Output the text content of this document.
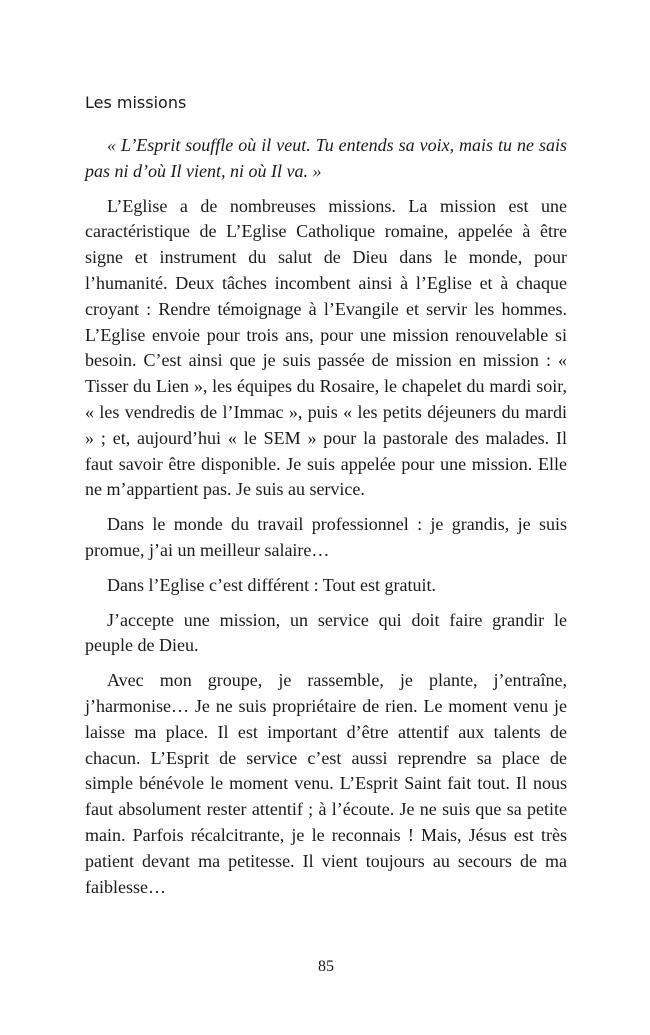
Les missions

« L’Esprit souffle où il veut. Tu entends sa voix, mais tu ne sais pas ni d’où Il vient, ni où Il va. »

L’Eglise a de nombreuses missions. La mission est une caractéristique de L’Eglise Catholique romaine, appelée à être signe et instrument du salut de Dieu dans le monde, pour l’humanité. Deux tâches incombent ainsi à l’Eglise et à chaque croyant : Rendre témoignage à l’Evangile et servir les hommes. L’Eglise envoie pour trois ans, pour une mission renouvelable si besoin. C’est ainsi que je suis passée de mission en mission : « Tisser du Lien », les équipes du Rosaire, le chapelet du mardi soir, « les vendredis de l’Immac », puis « les petits déjeuners du mardi » ; et, aujourd’hui « le SEM » pour la pastorale des malades. Il faut savoir être disponible. Je suis appelée pour une mission. Elle ne m’appartient pas. Je suis au service.

Dans le monde du travail professionnel : je grandis, je suis promue, j’ai un meilleur salaire…

Dans l’Eglise c’est différent : Tout est gratuit.

J’accepte une mission, un service qui doit faire grandir le peuple de Dieu.

Avec mon groupe, je rassemble, je plante, j’entraîne, j’harmonise… Je ne suis propriétaire de rien. Le moment venu je laisse ma place. Il est important d’être attentif aux talents de chacun. L’Esprit de service c’est aussi reprendre sa place de simple bénévole le moment venu. L’Esprit Saint fait tout. Il nous faut absolument rester attentif ; à l’écoute. Je ne suis que sa petite main. Parfois récalcitrante, je le reconnais ! Mais, Jésus est très patient devant ma petitesse. Il vient toujours au secours de ma faiblesse…

85
